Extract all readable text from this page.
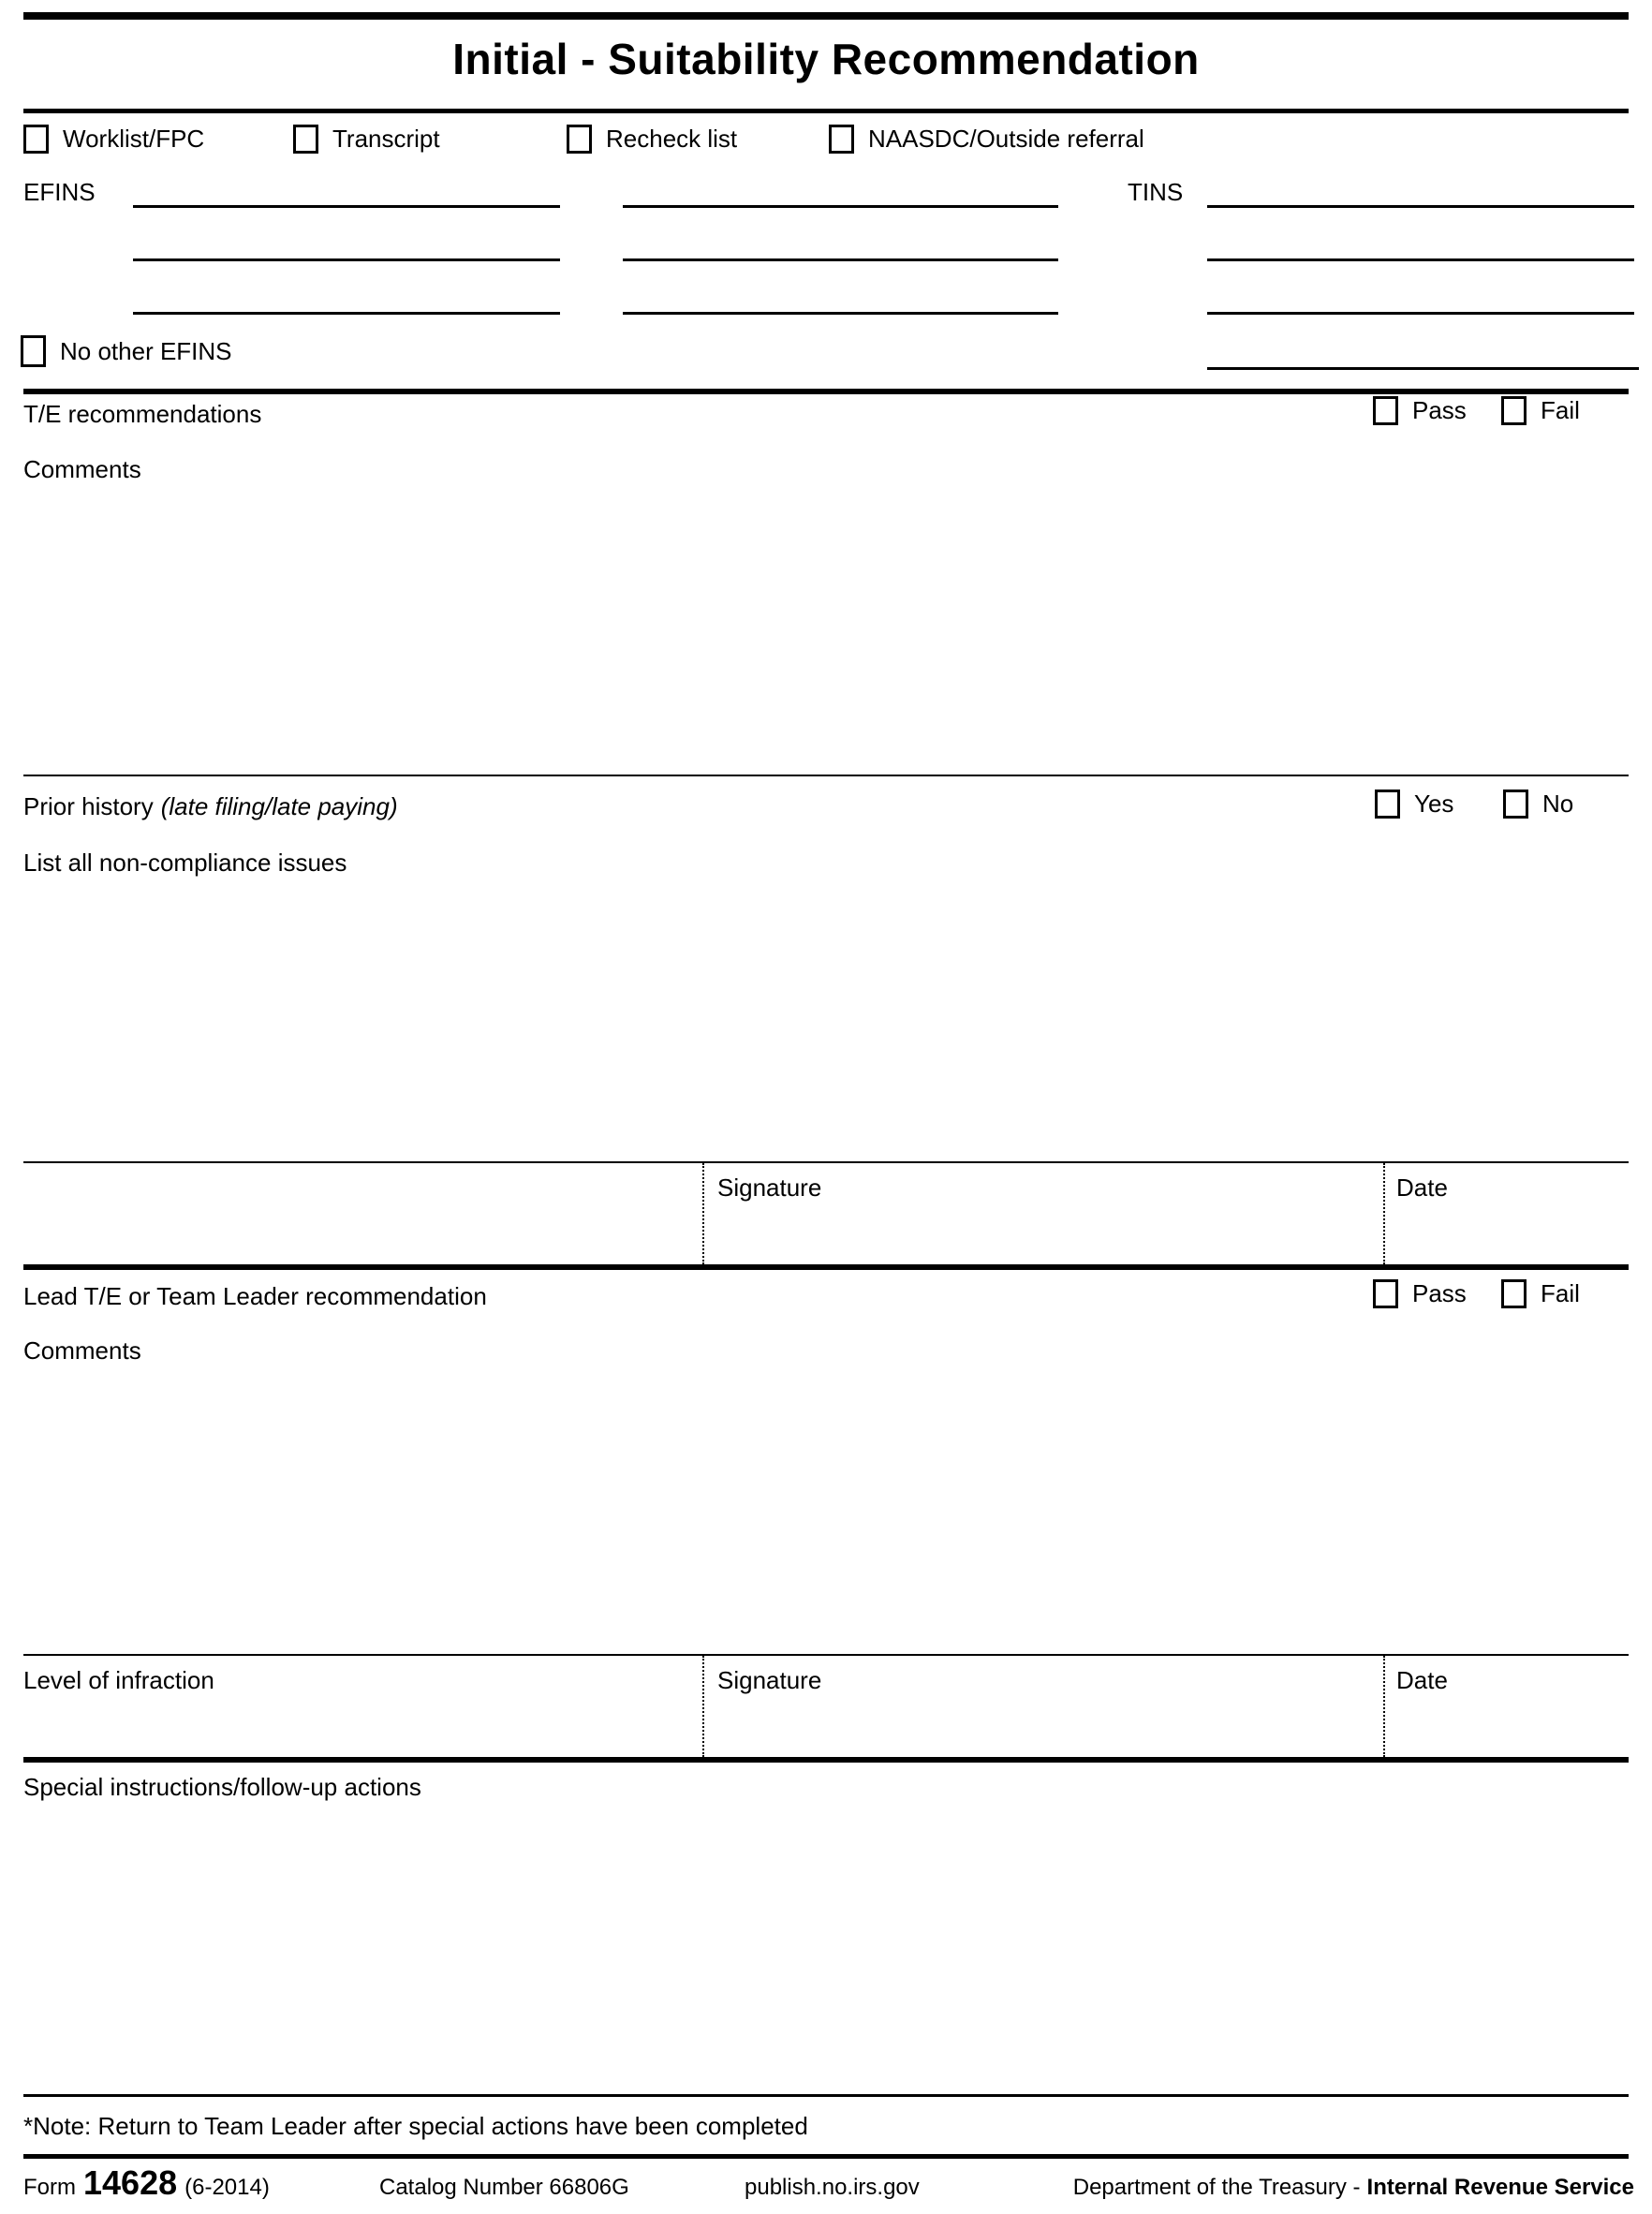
Initial - Suitability Recommendation
Worklist/FPC	Transcript	Recheck list	NAASDC/Outside referral
EFINS	TINS
No other EFINS
T/E recommendations	Pass	Fail
Comments
Prior history (late filing/late paying)	Yes	No
List all non-compliance issues
Signature	Date
Lead T/E or Team Leader recommendation	Pass	Fail
Comments
Level of infraction	Signature	Date
Special instructions/follow-up actions
*Note: Return to Team Leader after special actions have been completed
Form 14628 (6-2014)	Catalog Number 66806G	publish.no.irs.gov	Department of the Treasury - Internal Revenue Service
